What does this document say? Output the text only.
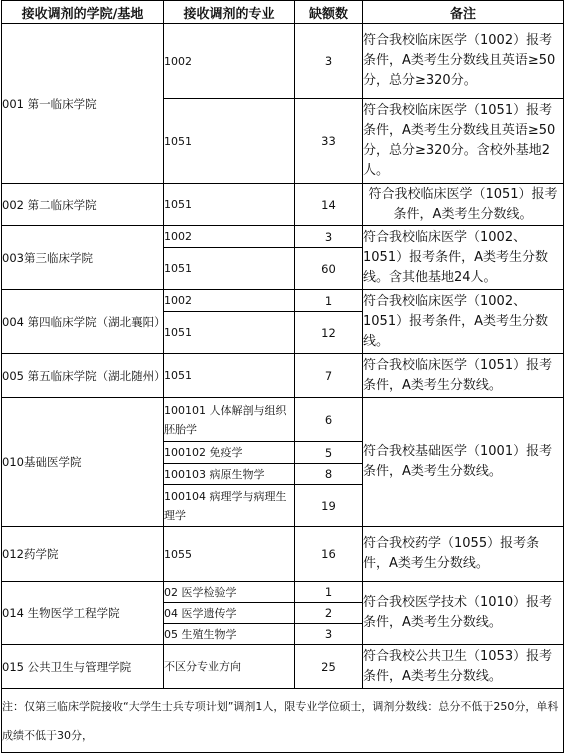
接收调剂的学院/基地	接收调剂的专业	缺额数	备注
001 第一临床学院	1002	3	符合我校临床医学（1002）报考条件，A类考生分数线且英语≥50分，总分≥320分。
	1051	33	符合我校临床医学（1051）报考条件，A类考生分数线且英语≥50分，总分≥320分。含校外基地2人。
002 第二临床学院	1051	14	符合我校临床医学（1051）报考条件，A类考生分数线。
003第三临床学院	1002	3	符合我校临床医学（1002、1051）报考条件，A类考生分数线。含其他基地24人。
	1051	60	
004 第四临床学院（湖北襄阳）	1002	1	符合我校临床医学（1002、1051）报考条件，A类考生分数线。
	1051	12	
005 第五临床学院（湖北随州）	1051	7	符合我校临床医学（1051）报考条件，A类考生分数线。
010基础医学院	100101 人体解剖与组织胚胎学	6	符合我校基础医学（1001）报考条件，A类考生分数线。
	100102 免疫学	5	
	100103 病原生物学	8	
	100104 病理学与病理生理学	19	
012药学院	1055	16	符合我校药学（1055）报考条件，A类考生分数线。
014 生物医学工程学院	02 医学检验学	1	符合我校医学技术（1010）报考条件，A类考生分数线。
	04 医学遗传学	2	
	05 生殖生物学	3	
015 公共卫生与管理学院	不区分专业方向	25	符合我校公共卫生（1053）报考条件，A类考生分数线。
注：仅第三临床学院接收“大学生士兵专项计划”调剂1人，限专业学位硕士，调剂分数线：总分不低于250分，单科成绩不低于30分，			
